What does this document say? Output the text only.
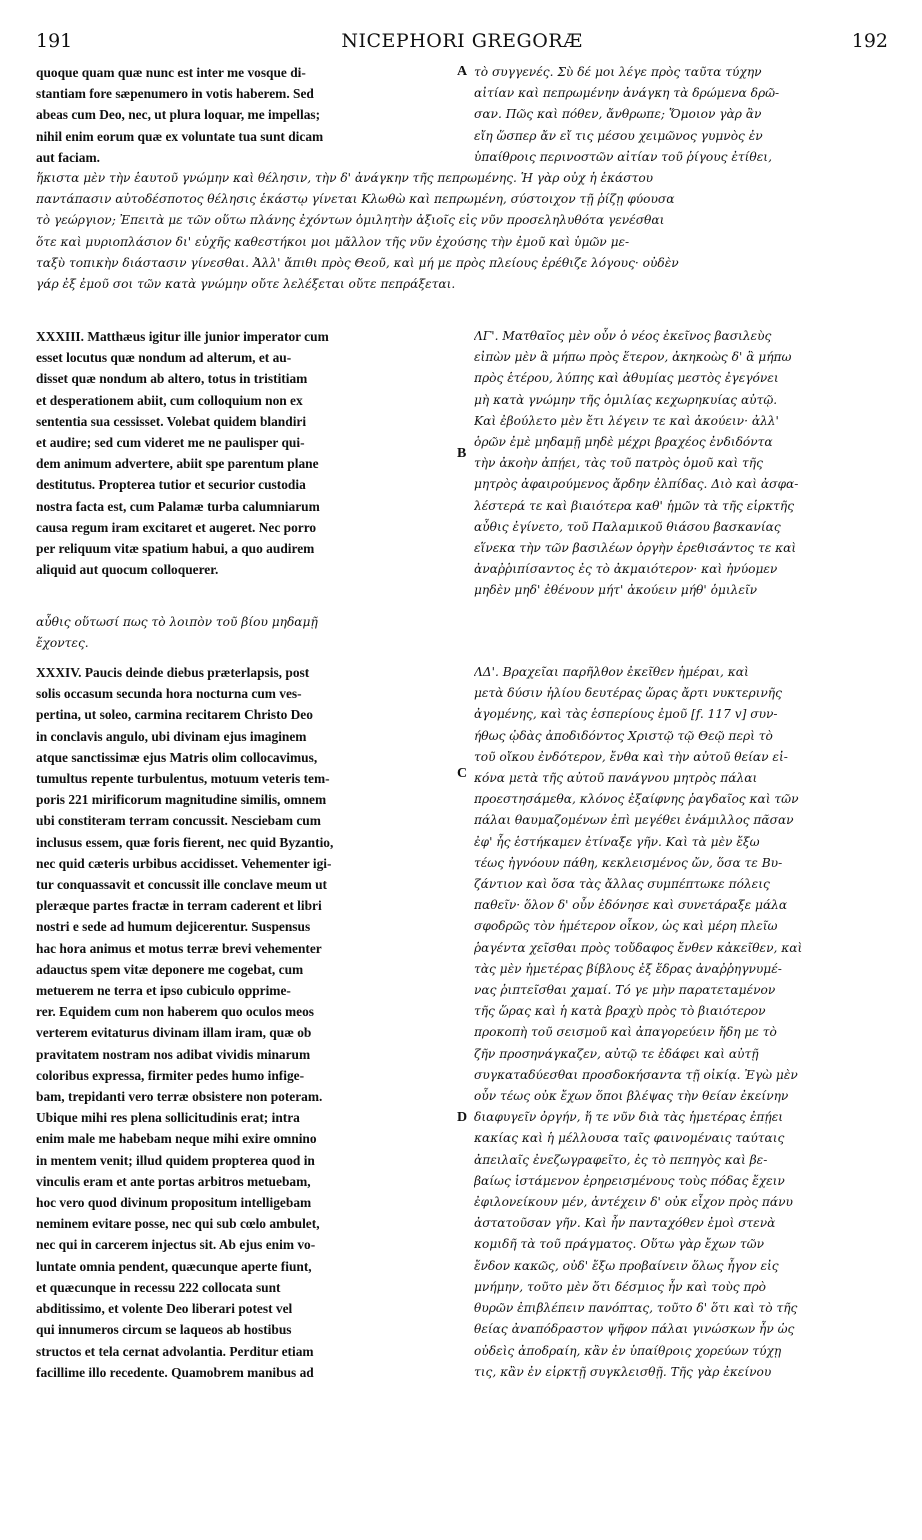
191	NICEPHORI GREGORÆ	192
quoque quam quæ nunc est inter me vosque di-
stantiam fore sæpenumero in votis haberem. Sed
abeas cum Deo, nec, ut plura loquar, me impellas;
nihil enim eorum quæ ex voluntate tua sunt dicam
aut faciam.
τὸ συγγενές. Σὺ δέ μοι λέγε πρὸς ταῦτα τύχην
αἰτίαν καὶ πεπρωμένην ἀνάγκη τὰ δρώμενα δρῶ-
σαν. Πῶς καὶ πόθεν, ἄνθρωπε; Ὅμοιον γὰρ ἂν
εἴη ὥσπερ ἄν εἴ τις μέσου χειμῶνος γυμνὸς ἐν
ὑπαίθροις περινοστῶν αἰτίαν τοῦ ῥίγους ἐτίθει,
ἥκιστα μὲν τὴν ἑαυτοῦ γνώμην καὶ θέλησιν, τὴν δ' ἀνάγκην τῆς πεπρωμένης. Ἡ γὰρ οὐχ ἡ ἑκάστου
παντάπασιν αὐτοδέσποτος θέλησις ἑκάστῳ γίνεται Κλωθὼ καὶ πεπρωμένη, σύστοιχον τῇ ῥίζῃ φύουσα
τὸ γεώργιον; Ἐπειτὰ με τῶν οὕτω πλάνης ἐχόντων ὁμιλητὴν ἀξιοῖς εἰς νῦν προσεληλυθότα γενέσθαι
ὅτε καὶ μυριοπλάσιον δι' εὐχῆς καθεστήκοι μοι μᾶλλον τῆς νῦν ἐχούσης τὴν ἐμοῦ καὶ ὑμῶν με-
ταξὺ τοπικὴν διάστασιν γίνεσθαι. Ἀλλ' ἄπιθι πρὸς Θεοῦ, καὶ μή με πρὸς πλείους ἐρέθιζε λόγους· οὐδὲν
γάρ ἐξ ἐμοῦ σοι τῶν κατὰ γνώμην οὔτε λελέξεται οὔτε πεπράξεται.
XXXIII. Matthæus igitur ille junior imperator cum
esset locutus quæ nondum ad alterum, et au-
disset quæ nondum ab altero, totus in tristitiam
et desperationem abiit, cum colloquium non ex
sententia sua cessisset. Volebat quidem blandiri
et audire; sed cum videret me ne paulisper qui-
dem animum advertere, abiit spe parentum plane
destitutus. Propterea tutior et securior custodia
nostra facta est, cum Palamæ turba calumniarum
causa regum iram excitaret et augeret. Nec porro
per reliquum vitæ spatium habui, a quo audirem
aliquid aut quocum colloquerer.
αὖθις οὕτωσί πως τὸ λοιπὸν τοῦ βίου μηδαμῇ
ἔχοντες.
ΛΓ'. Ματθαῖος μὲν οὖν ὁ νέος ἐκεῖνος βασιλεὺς
εἰπὼν μὲν ἃ μήπω πρὸς ἕτερον, ἀκηκοὼς δ' ἃ μήπω
πρὸς ἑτέρου, λύπης καὶ ἀθυμίας μεστὸς ἐγεγόνει
μὴ κατὰ γνώμην τῆς ὁμιλίας κεχωρηκυίας αὐτῷ.
Καὶ ἐβούλετο μὲν ἔτι λέγειν τε καὶ ἀκούειν· ἀλλ'
ὁρῶν ἐμὲ μηδαμῇ μηδὲ μέχρι βραχέος ἐνδιδόντα
τὴν ἀκοὴν ἀπῄει, τὰς τοῦ πατρὸς ὁμοῦ καὶ τῆς
μητρὸς ἀφαιρούμενος ἄρδην ἐλπίδας. Διὸ καὶ ἀσφα-
λέστερά τε καὶ βιαιότερα καθ' ἡμῶν τὰ τῆς εἱρκτῆς
αὖθις ἐγίνετο, τοῦ Παλαμικοῦ θιάσου βασκανίας
εἵνεκα τὴν τῶν βασιλέων ὀργὴν ἐρεθισάντος τε καὶ
ἀναῤῥιπίσαντος ἐς τὸ ἀκμαιότερον· καὶ ἠνύομεν
μηδὲν μηδ' ἐθένουν μήτ' ἀκούειν μήθ' ὁμιλεῖν
XXXIV. Paucis deinde diebus præterlapsis, post
solis occasum secunda hora nocturna cum ves-
pertina, ut soleo, carmina recitarem Christo Deo
in conclavis angulo, ubi divinam ejus imaginem
atque sanctissimæ ejus Matris olim collocavimus,
tumultus repente turbulentus, motuum veteris tem-
poris 221 mirificorum magnitudine similis, omnem
ubi constiteram terram concussit. Nesciebam cum
inclusus essem, quæ foris fierent, nec quid Byzantio,
nec quid cæteris urbibus accidisset. Vehementer igi-
tur conquassavit et concussit ille conclave meum ut
pleræque partes fractæ in terram caderent et libri
nostri e sede ad humum dejicerentur. Suspensus
hac hora animus et motus terræ brevi vehementer
adauctus spem vitæ deponere me cogebat, cum
metuerem ne terra et ipso cubiculo opprime-
rer. Equidem cum non haberem quo oculos meos
verterem evitaturus divinam illam iram, quæ ob
pravitatem nostram nos adibat vividis minarum
coloribus expressa, firmiter pedes humo infige-
bam, trepidanti vero terræ obsistere non poteram.
Ubique mihi res plena sollicitudinis erat; intra
enim male me habebam neque mihi exire omnino
in mentem venit; illud quidem propterea quod in
vinculis eram et ante portas arbitros metuebam,
hoc vero quod divinum propositum intelligebam
neminem evitare posse, nec qui sub cœlo ambulet,
nec qui in carcerem injectus sit. Ab ejus enim vo-
luntate omnia pendent, quæcunque aperte fiunt,
et quæcunque in recessu 222 collocata sunt
abditissimo, et volente Deo liberari potest vel
qui innumeros circum se laqueos ab hostibus
structos et tela cernat advolantia. Perditur etiam
facillime illo recedente. Quamobrem manibus ad
ΛΔ'. Βραχεῖαι παρῆλθον ἐκεῖθεν ἡμέραι, καὶ
μετὰ δύσιν ἡλίου δευτέρας ὥρας ἄρτι νυκτερινῆς
ἀγομένης, καὶ τὰς ἑσπερίους ἐμοῦ [f. 117 v] συν-
ήθως ᾠδὰς ἀποδιδόντος Χριστῷ τῷ Θεῷ περὶ τὸ
τοῦ οἴκου ἐνδότερον, ἔνθα καὶ τὴν αὐτοῦ θείαν εἰ-
κόνα μετὰ τῆς αὐτοῦ πανάγνου μητρὸς πάλαι
προεστησάμεθα, κλόνος ἐξαίφνης ῥαγδαῖος καὶ τῶν
πάλαι θαυμαζομένων ἐπὶ μεγέθει ἐνάμιλλος πᾶσαν
ἐφ' ἧς ἑστήκαμεν ἐτίναξε γῆν. Καὶ τὰ μὲν ἔξω
τέως ἠγνόουν πάθη, κεκλεισμένος ὤν, ὅσα τε Βυ-
ζάντιον καὶ ὅσα τὰς ἄλλας συμπέπτωκε πόλεις
παθεῖν· ὅλον δ' οὖν ἐδόνησε καὶ συνετάραξε μάλα
σφοδρῶς τὸν ἡμέτερον οἶκον, ὡς καὶ μέρη πλεῖω
ῥαγέντα χεῖσθαι πρὸς τοὔδαφος ἔνθεν κἀκεῖθεν, καὶ
τὰς μὲν ἡμετέρας βίβλους ἐξ ἕδρας ἀναῤῥηγνυμέ-
νας ῥιπτεῖσθαι χαμαί. Τό γε μὴν παρατεταμένον
τῆς ὥρας καὶ ἡ κατὰ βραχὺ πρὸς τὸ βιαιότερον
προκοπὴ τοῦ σεισμοῦ καὶ ἀπαγορεύειν ἤδη με τὸ
ζῆν προσηνάγκαζεν, αὐτῷ τε ἐδάφει καὶ αὐτῇ
συγκαταδύεσθαι προσδοκήσαντα τῇ οἰκίᾳ. Ἐγὼ μὲν
οὖν τέως οὐκ ἔχων ὅποι βλέψας τὴν θείαν ἐκείνην
διαφυγεῖν ὀργήν, ἥ τε νῦν διὰ τὰς ἡμετέρας ἐπῄει
κακίας καὶ ἡ μέλλουσα ταῖς φαινομέναις ταύταις
ἀπειλαῖς ἐνεζωγραφεῖτο, ἐς τὸ πεπηγὸς καὶ βε-
βαίως ἱστάμενον ἐρηρεισμένους τοὺς πόδας ἔχειν
ἐφιλονείκουν μέν, ἀντέχειν δ' οὐκ εἶχον πρὸς πάνυ
ἀστατοῦσαν γῆν. Καὶ ἦν πανταχόθεν ἐμοὶ στενὰ
κομιδῆ τὰ τοῦ πράγματος. Οὕτω γὰρ ἔχων τῶν
ἔνδον κακῶς, οὐδ' ἔξω προβαίνειν ὅλως ἦγον εἰς
μνήμην, τοῦτο μὲν ὅτι δέσμιος ἦν καὶ τοὺς πρὸ
θυρῶν ἐπιβλέπειν πανόπτας, τοῦτο δ' ὅτι καὶ τὸ τῆς
θείας ἀναπόδραστον ψῆφον πάλαι γινώσκων ἦν ὡς
οὐδεὶς ἀποδραίη, κἂν ἐν ὑπαίθροις χορεύων τύχῃ
τις, κἂν ἐν εἱρκτῇ συγκλεισθῇ. Τῆς γὰρ ἐκείνου
A
B
C
D
